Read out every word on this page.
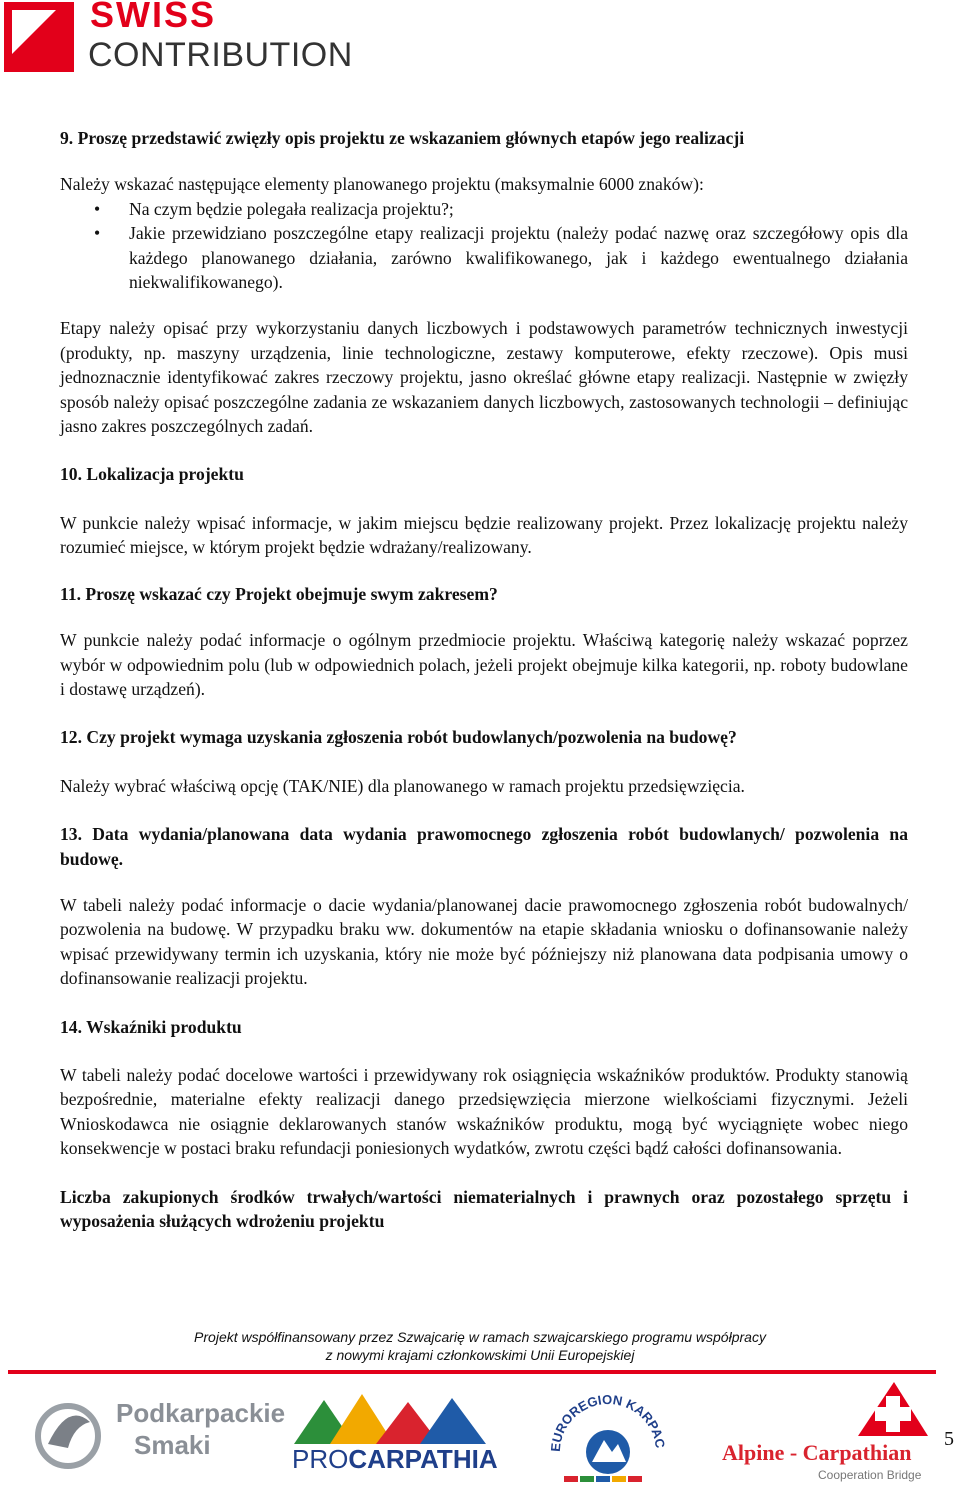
SWISS
CONTRIBUTION
9. Proszę przedstawić zwięzły opis projektu ze wskazaniem głównych etapów jego realizacji

Należy wskazać następujące elementy planowanego projektu (maksymalnie 6000 znaków):

• Na czym będzie polegała realizacja projektu?;
• Jakie przewidziano poszczególne etapy realizacji projektu (należy podać nazwę oraz szczegółowy opis dla każdego planowanego działania, zarówno kwalifikowanego, jak i każdego ewentualnego działania niekwalifikowanego).

Etapy należy opisać przy wykorzystaniu danych liczbowych i podstawowych parametrów technicznych inwestycji (produkty, np. maszyny urządzenia, linie technologiczne, zestawy komputerowe, efekty rzeczowe). Opis musi jednoznacznie identyfikować zakres rzeczowy projektu, jasno określać główne etapy realizacji. Następnie w zwięzły sposób należy opisać poszczególne zadania ze wskazaniem danych liczbowych, zastosowanych technologii – definiując jasno zakres poszczególnych zadań.

10. Lokalizacja projektu

W punkcie należy wpisać informacje, w jakim miejscu będzie realizowany projekt. Przez lokalizację projektu należy rozumieć miejsce, w którym projekt będzie wdrażany/realizowany.

11. Proszę wskazać czy Projekt obejmuje swym zakresem?

W punkcie należy podać informacje o ogólnym przedmiocie projektu. Właściwą kategorię należy wskazać poprzez wybór w odpowiednim polu (lub w odpowiednich polach, jeżeli projekt obejmuje kilka kategorii, np. roboty budowlane i dostawę urządzeń).

12. Czy projekt wymaga uzyskania zgłoszenia robót budowlanych/pozwolenia na budowę?

Należy wybrać właściwą opcję (TAK/NIE) dla planowanego w ramach projektu przedsięwzięcia.

13. Data wydania/planowana data wydania prawomocnego zgłoszenia robót budowlanych/ pozwolenia na budowę.

W tabeli należy podać informacje o dacie wydania/planowanej dacie prawomocnego zgłoszenia robót budowalnych/ pozwolenia na budowę. W przypadku braku ww. dokumentów na etapie składania wniosku o dofinansowanie należy wpisać przewidywany termin ich uzyskania, który nie może być późniejszy niż planowana data podpisania umowy o dofinansowanie realizacji projektu.

14. Wskaźniki produktu

W tabeli należy podać docelowe wartości i przewidywany rok osiągnięcia wskaźników produktów. Produkty stanowią bezpośrednie, materialne efekty realizacji danego przedsięwzięcia mierzone wielkościami fizycznymi. Jeżeli Wnioskodawca nie osiągnie deklarowanych stanów wskaźników produktu, mogą być wyciągnięte wobec niego konsekwencje w postaci braku refundacji poniesionych wydatków, zwrotu części bądź całości dofinansowania.

Liczba zakupionych środków trwałych/wartości niematerialnych i prawnych oraz pozostałego sprzętu i wyposażenia służących wdrożeniu projektu
Projekt współfinansowany przez Szwajcarię w ramach szwajcarskiego programu współpracy
z nowymi krajami członkowskimi Unii Europejskiej
Podkarpackie
Smaki	PROCARPATHIA	EUROREGION KARPAC Alpine - Carpathian
Cooperation Bridge
5
